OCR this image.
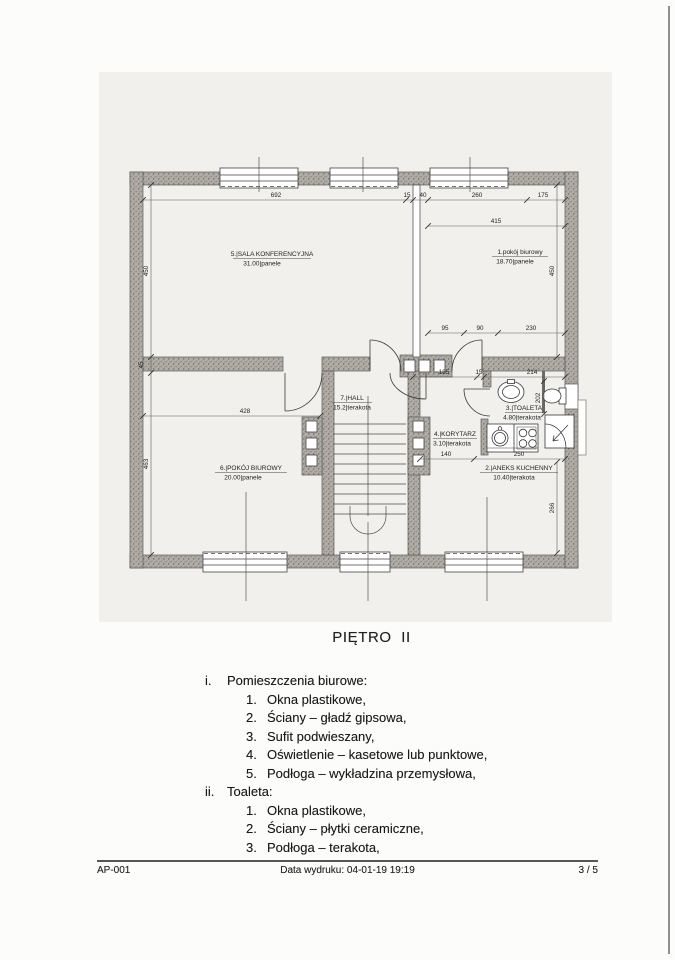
692	15 40	260	175
415
450	450
95	90	230
45
185	15	214
202
428
463
140	250
266
5.|SALA KONFERENCYJNA
31.00|panele
1.pokój biurowy
18.70|panele
7.|HALL
15.2|terakota
4.|KORYTARZ
3.10|terakota
3.|TOALETA
4.80|terakota
6.|POKÓJ BIUROWY
20.00|panele
2.|ANEKS KUCHENNY
10.40|terakota
PIĘTRO  II
i.	Pomieszczenia biurowe:
1. Okna plastikowe,
2. Ściany – gładź gipsowa,
3. Sufit podwieszany,
4. Oświetlenie – kasetowe lub punktowe,
5. Podłoga – wykładzina przemysłowa,
ii. Toaleta:
1. Okna plastikowe,
2. Ściany – płytki ceramiczne,
3. Podłoga – terakota,
AP-001	Data wydruku: 04-01-19 19:19	3 / 5
